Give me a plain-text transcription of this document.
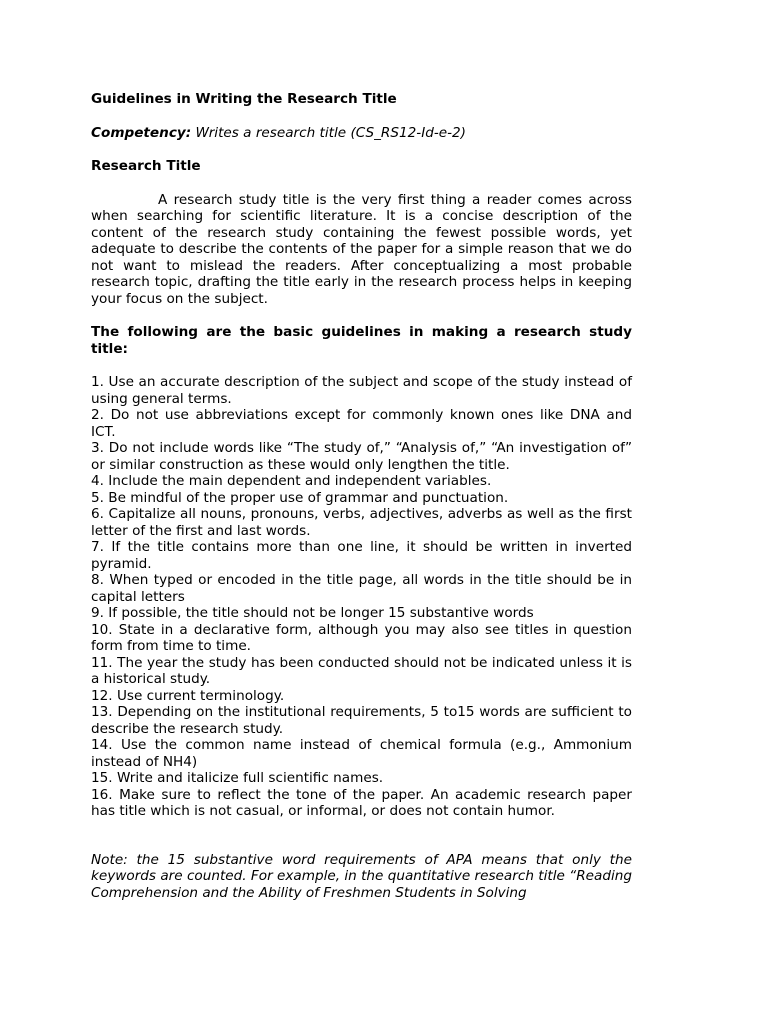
Guidelines in Writing the Research Title

Competency: Writes a research title (CS_RS12-Id-e-2)

Research Title

A research study title is the very first thing a reader comes across when searching for scientific literature. It is a concise description of the content of the research study containing the fewest possible words, yet adequate to describe the contents of the paper for a simple reason that we do not want to mislead the readers. After conceptualizing a most probable research topic, drafting the title early in the research process helps in keeping your focus on the subject.

The following are the basic guidelines in making a research study title:

1. Use an accurate description of the subject and scope of the study instead of using general terms.
2. Do not use abbreviations except for commonly known ones like DNA and ICT.
3. Do not include words like “The study of,” “Analysis of,” “An investigation of” or similar construction as these would only lengthen the title.
4. Include the main dependent and independent variables.
5. Be mindful of the proper use of grammar and punctuation.
6. Capitalize all nouns, pronouns, verbs, adjectives, adverbs as well as the first letter of the first and last words.
7. If the title contains more than one line, it should be written in inverted pyramid.
8. When typed or encoded in the title page, all words in the title should be in capital letters
9. If possible, the title should not be longer 15 substantive words
10. State in a declarative form, although you may also see titles in question form from time to time.
11. The year the study has been conducted should not be indicated unless it is a historical study.
12. Use current terminology.
13. Depending on the institutional requirements, 5 to15 words are sufficient to describe the research study.
14. Use the common name instead of chemical formula (e.g., Ammonium instead of NH4)
15. Write and italicize full scientific names.
16. Make sure to reflect the tone of the paper. An academic research paper has title which is not casual, or informal, or does not contain humor.

Note: the 15 substantive word requirements of APA means that only the keywords are counted. For example, in the quantitative research title “Reading Comprehension and the Ability of Freshmen Students in Solving
